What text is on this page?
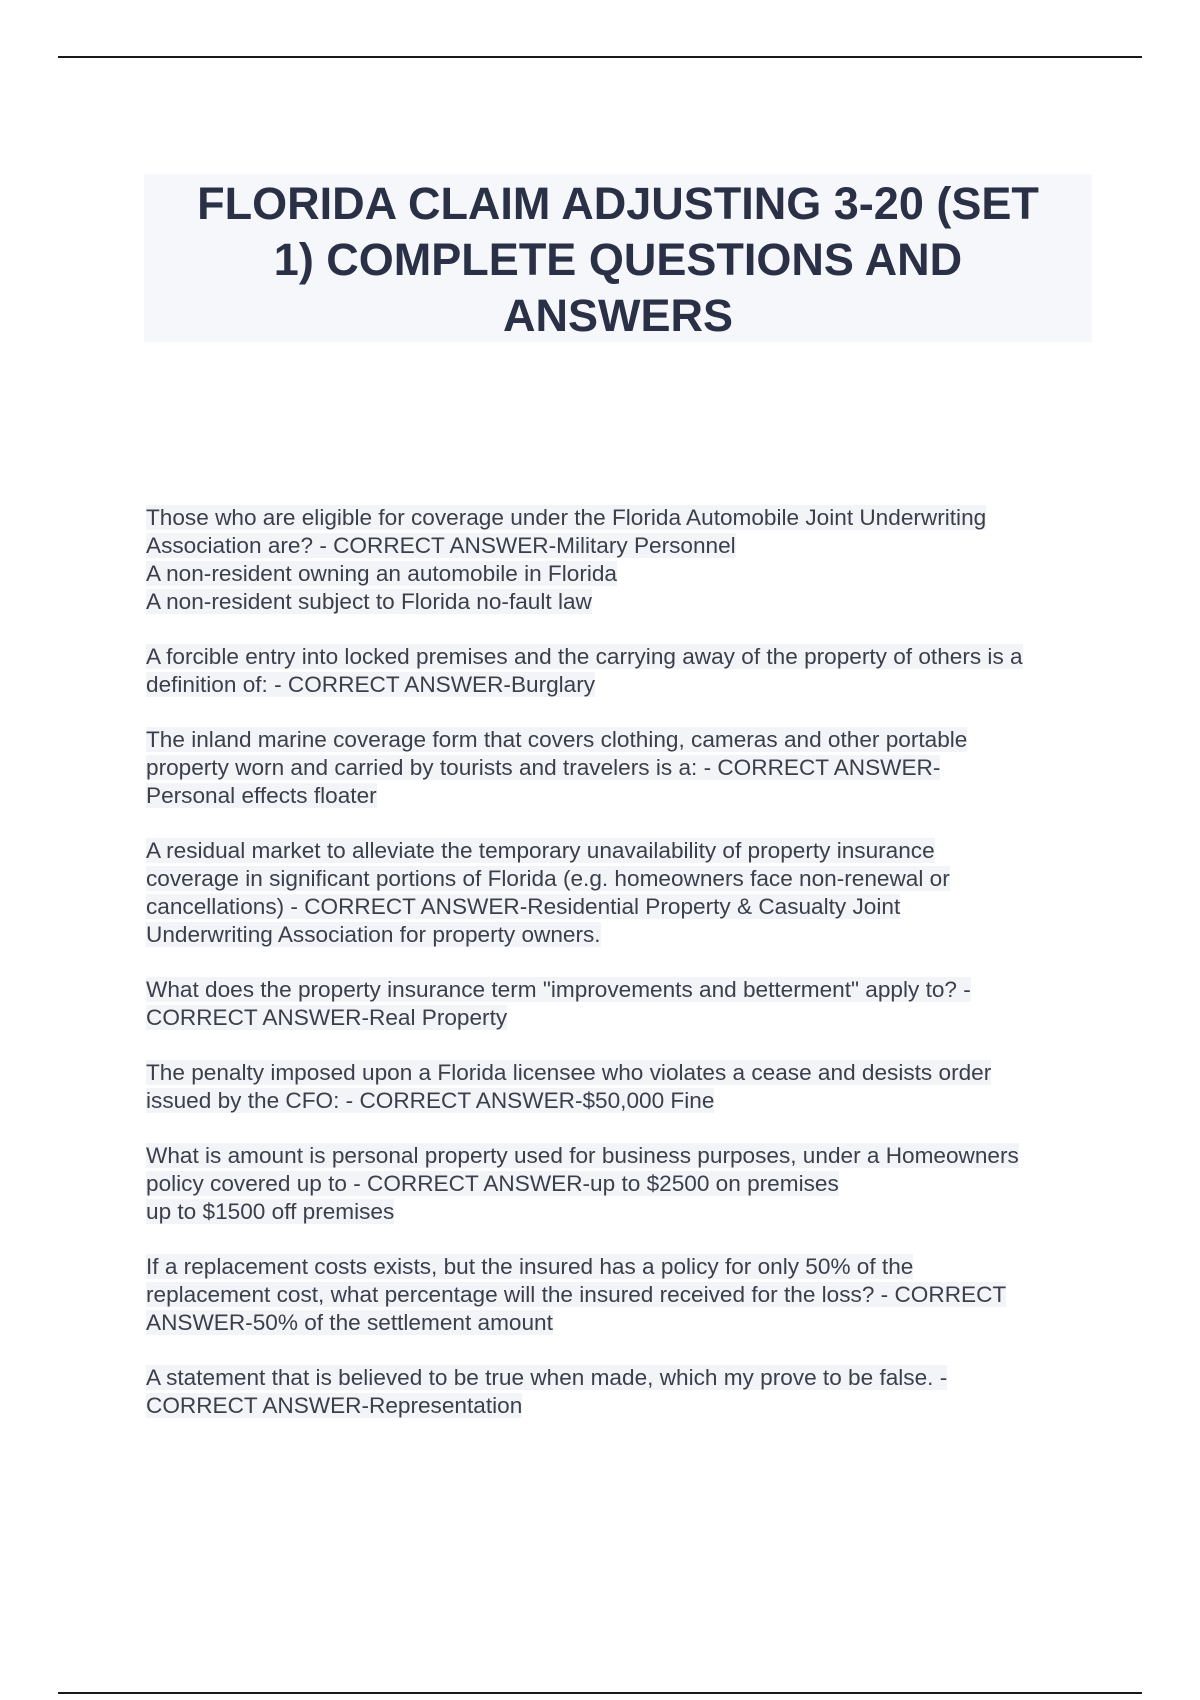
FLORIDA CLAIM ADJUSTING 3-20 (SET
1) COMPLETE QUESTIONS AND
ANSWERS
Those who are eligible for coverage under the Florida Automobile Joint Underwriting
Association are? - CORRECT ANSWER-Military Personnel
A non-resident owning an automobile in Florida
A non-resident subject to Florida no-fault law
A forcible entry into locked premises and the carrying away of the property of others is a
definition of: - CORRECT ANSWER-Burglary
The inland marine coverage form that covers clothing, cameras and other portable
property worn and carried by tourists and travelers is a: - CORRECT ANSWER-
Personal effects floater
A residual market to alleviate the temporary unavailability of property insurance
coverage in significant portions of Florida (e.g. homeowners face non-renewal or
cancellations) - CORRECT ANSWER-Residential Property & Casualty Joint
Underwriting Association for property owners.
What does the property insurance term "improvements and betterment" apply to? -
CORRECT ANSWER-Real Property
The penalty imposed upon a Florida licensee who violates a cease and desists order
issued by the CFO: - CORRECT ANSWER-$50,000 Fine
What is amount is personal property used for business purposes, under a Homeowners
policy covered up to - CORRECT ANSWER-up to $2500 on premises
up to $1500 off premises
If a replacement costs exists, but the insured has a policy for only 50% of the
replacement cost, what percentage will the insured received for the loss? - CORRECT
ANSWER-50% of the settlement amount
A statement that is believed to be true when made, which my prove to be false. -
CORRECT ANSWER-Representation
